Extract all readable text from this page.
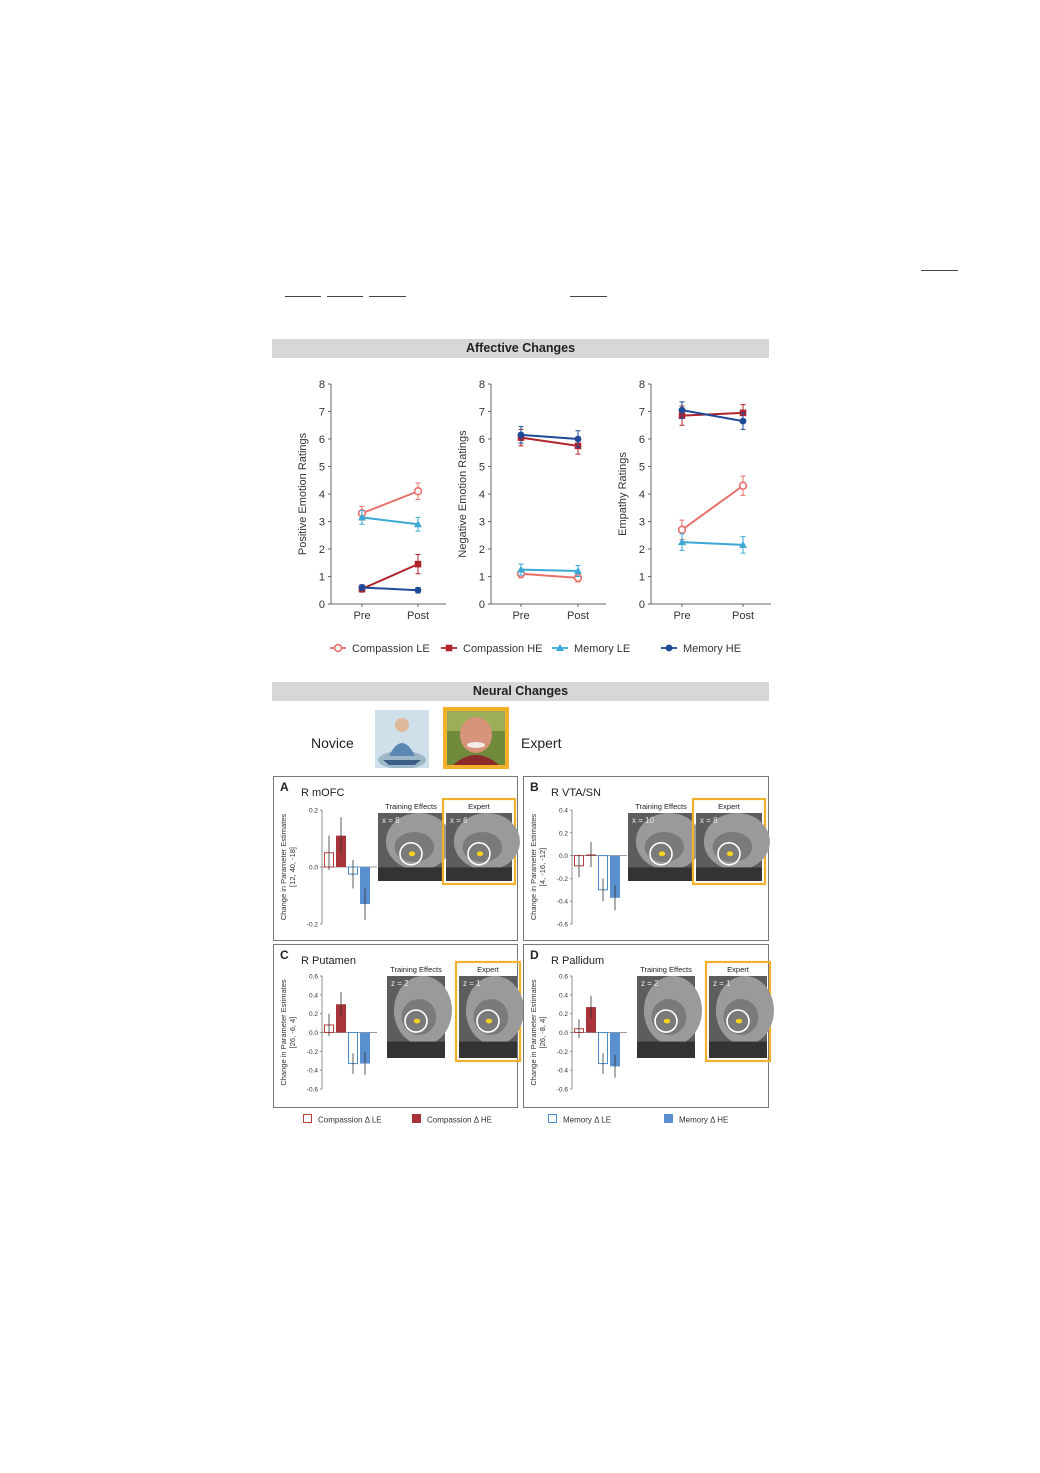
Affective Changes
0
1
2
3
4
5
6
7
8
Pre	Post
Positive Emotion Ratings
0
1
2
3
4
5
6
7
8
Pre	Post
Negative Emotion Ratings
0
1
2
3
4
5
6
7
8
Pre	Post
Empathy Ratings
Compassion LE	Compassion HE	Memory LE	Memory HE
Neural Changes
Novice	Expert
A R mOFC
0.2
0.0
-0.2
Change in Parameter Estimates [12, 40, -18]
Training Effects
x = 8
Expert
x = 6
B R VTA/SN
0.4
0.2
0.0
-0.2
-0.4
-0.6
Change in Parameter Estimates [4, -16, -12]
Training Effects
x = 10
Expert
x = 8
C R Putamen
0.6
0.4
0.2
0.0
-0.2
-0.4
-0.6
Change in Parameter Estimates [26, -6, 4]
Training Effects
z = 2
Expert
z = 1
D R Pallidum
0.6
0.4
0.2
0.0
-0.2
-0.4
-0.6
Change in Parameter Estimates [26, -8, 4]
Training Effects
z = 2
Expert
z = 1
Compassion Δ LE	Compassion Δ HE	Memory Δ LE	Memory Δ HE
